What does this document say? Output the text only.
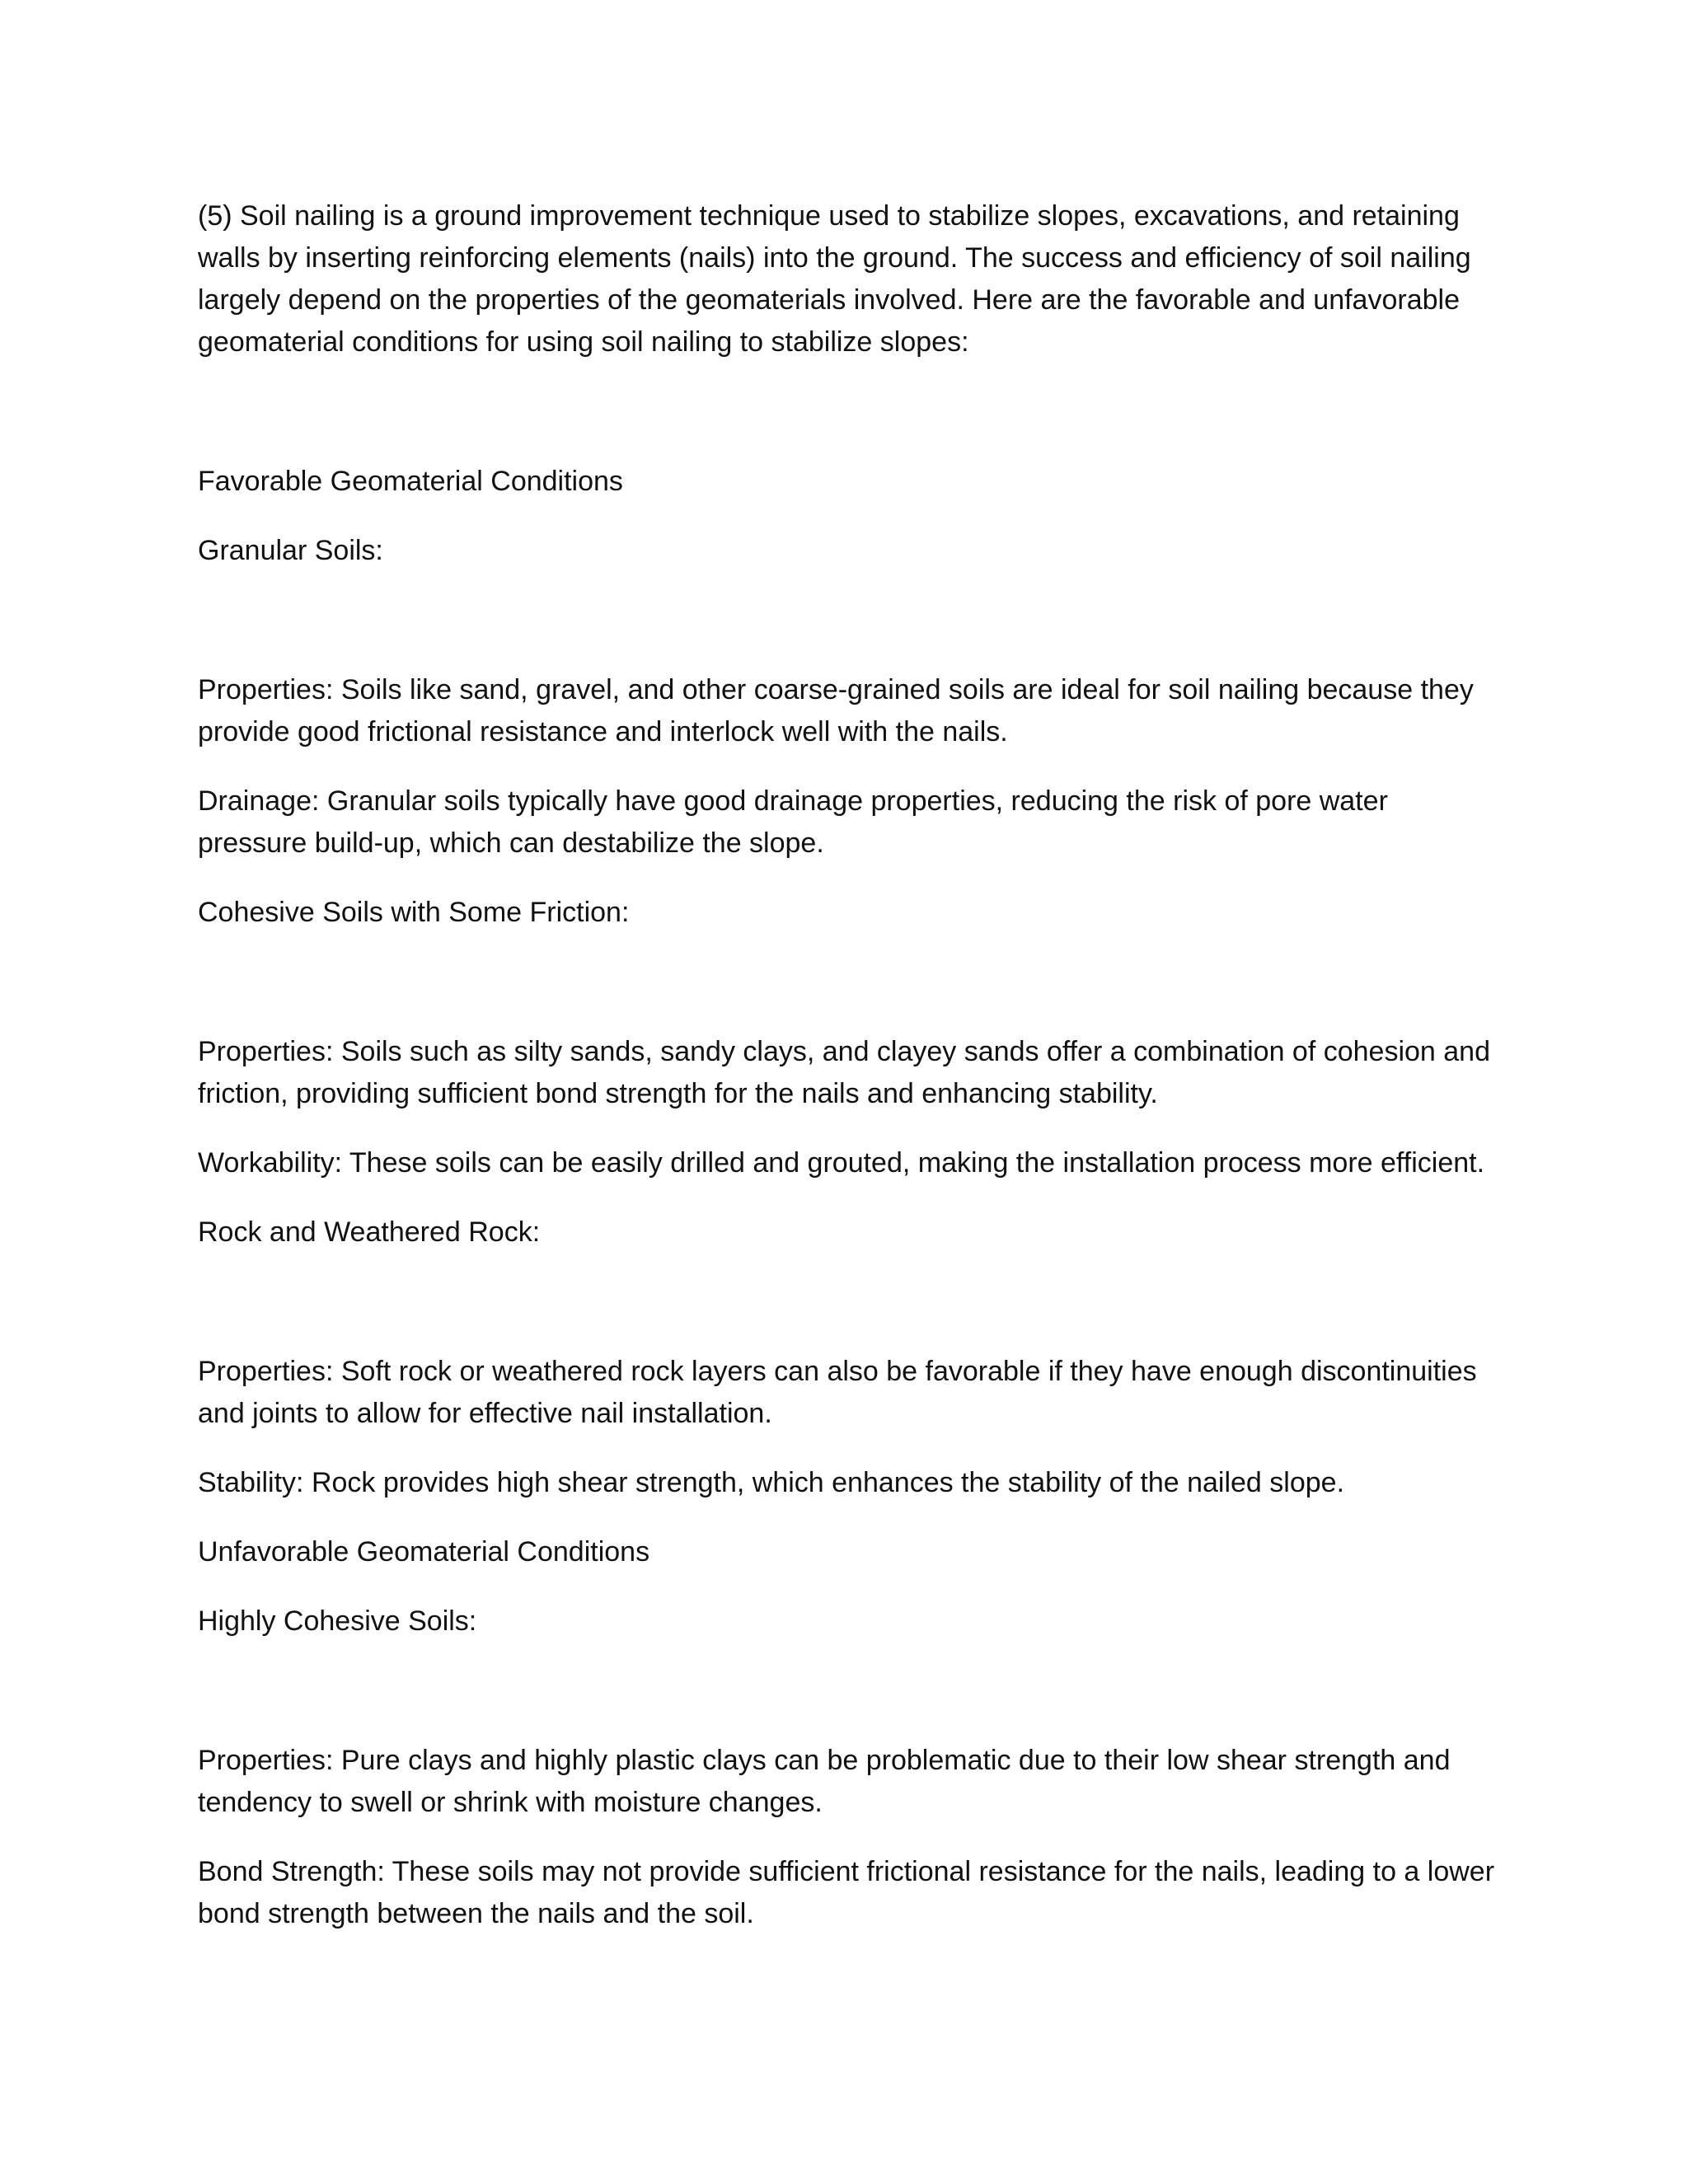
(5) Soil nailing is a ground improvement technique used to stabilize slopes, excavations, and retaining walls by inserting reinforcing elements (nails) into the ground. The success and efficiency of soil nailing largely depend on the properties of the geomaterials involved. Here are the favorable and unfavorable geomaterial conditions for using soil nailing to stabilize slopes:

Favorable Geomaterial Conditions

Granular Soils:

Properties: Soils like sand, gravel, and other coarse-grained soils are ideal for soil nailing because they provide good frictional resistance and interlock well with the nails.

Drainage: Granular soils typically have good drainage properties, reducing the risk of pore water pressure build-up, which can destabilize the slope.

Cohesive Soils with Some Friction:

Properties: Soils such as silty sands, sandy clays, and clayey sands offer a combination of cohesion and friction, providing sufficient bond strength for the nails and enhancing stability.

Workability: These soils can be easily drilled and grouted, making the installation process more efficient.

Rock and Weathered Rock:

Properties: Soft rock or weathered rock layers can also be favorable if they have enough discontinuities and joints to allow for effective nail installation.

Stability: Rock provides high shear strength, which enhances the stability of the nailed slope.

Unfavorable Geomaterial Conditions

Highly Cohesive Soils:

Properties: Pure clays and highly plastic clays can be problematic due to their low shear strength and tendency to swell or shrink with moisture changes.

Bond Strength: These soils may not provide sufficient frictional resistance for the nails, leading to a lower bond strength between the nails and the soil.
